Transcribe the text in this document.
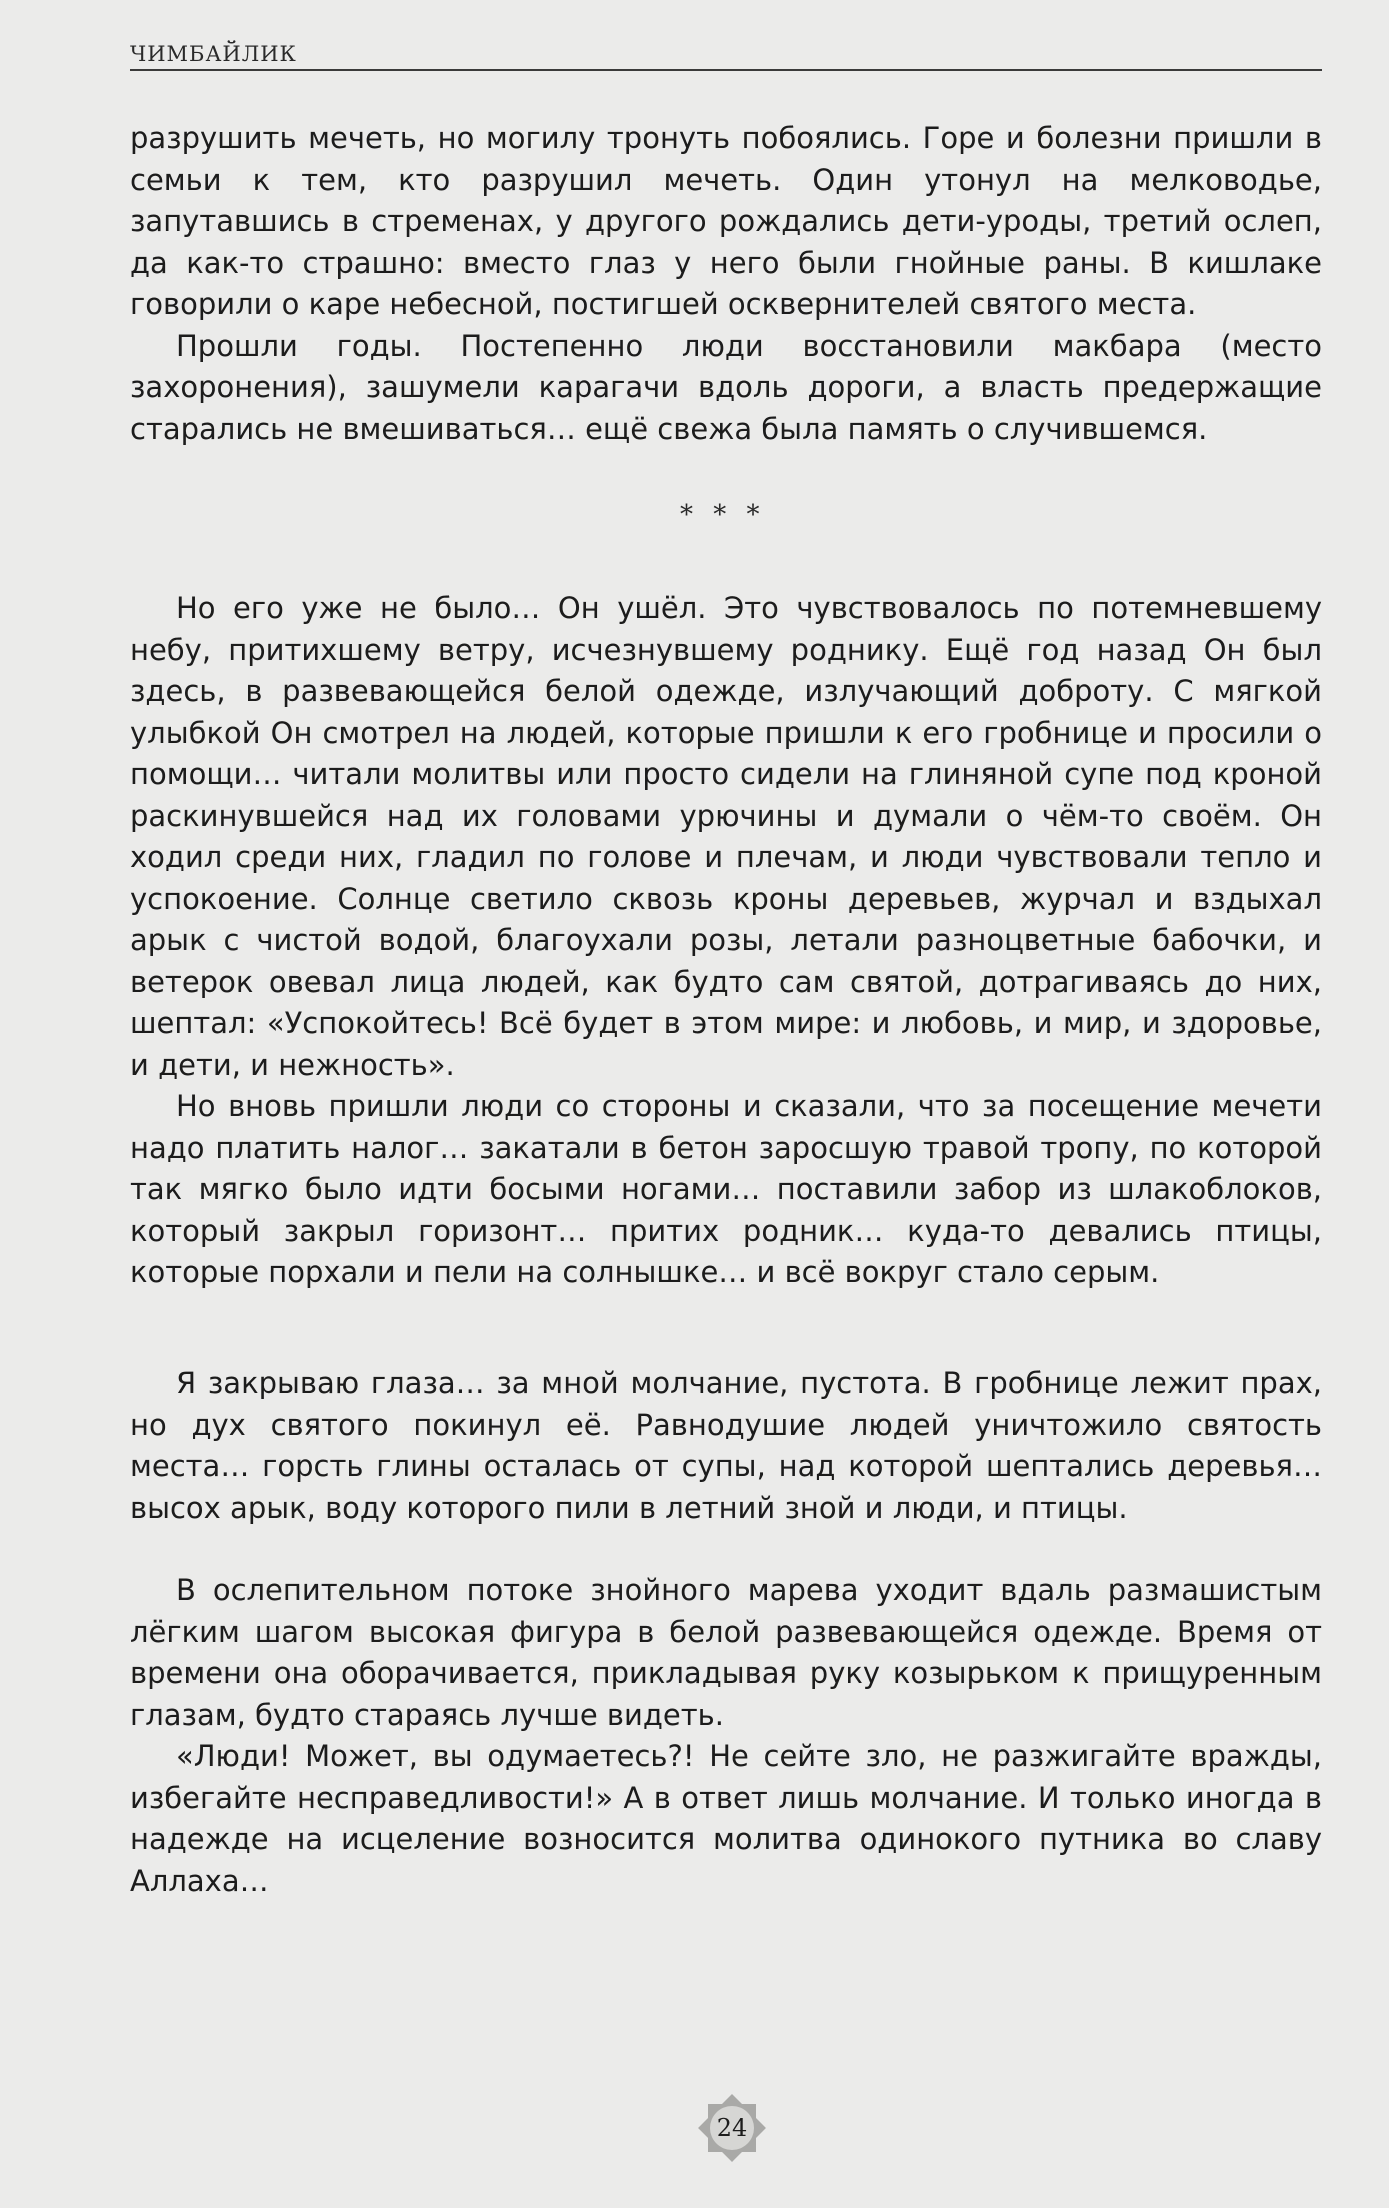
ЧИМБАЙЛИК

разрушить мечеть, но могилу тронуть побоялись. Горе и болезни пришли в семьи к тем, кто разрушил мечеть. Один утонул на мелководье, запутавшись в стременах, у другого рождались дети-уроды, третий ослеп, да как-то страшно: вместо глаз у него были гнойные раны. В кишлаке говорили о каре небесной, постигшей осквернителей святого места.

Прошли годы. Постепенно люди восстановили макбара (место захоронения), зашумели карагачи вдоль дороги, а власть предержащие старались не вмешиваться… ещё свежа была память о случившемся.

* * *

Но его уже не было… Он ушёл. Это чувствовалось по потемневшему небу, притихшему ветру, исчезнувшему роднику. Ещё год назад Он был здесь, в развевающейся белой одежде, излучающий доброту. С мягкой улыбкой Он смотрел на людей, которые пришли к его гробнице и просили о помощи… читали молитвы или просто сидели на глиняной супе под кроной раскинувшейся над их головами урючины и думали о чём-то своём. Он ходил среди них, гладил по голове и плечам, и люди чувствовали тепло и успокоение. Солнце светило сквозь кроны деревьев, журчал и вздыхал арык с чистой водой, благоухали розы, летали разноцветные бабочки, и ветерок овевал лица людей, как будто сам святой, дотрагиваясь до них, шептал: «Успокойтесь! Всё будет в этом мире: и любовь, и мир, и здоровье, и дети, и нежность».

Но вновь пришли люди со стороны и сказали, что за посещение мечети надо платить налог… закатали в бетон заросшую травой тропу, по которой так мягко было идти босыми ногами… поставили забор из шлакоблоков, который закрыл горизонт… притих родник… куда-то девались птицы, которые порхали и пели на солнышке… и всё вокруг стало серым.

Я закрываю глаза… за мной молчание, пустота. В гробнице лежит прах, но дух святого покинул её. Равнодушие людей уничтожило святость места… горсть глины осталась от супы, над которой шептались деревья… высох арык, воду которого пили в летний зной и люди, и птицы.

В ослепительном потоке знойного марева уходит вдаль размашистым лёгким шагом высокая фигура в белой развевающейся одежде. Время от времени она оборачивается, прикладывая руку козырьком к прищуренным глазам, будто стараясь лучше видеть.

«Люди! Может, вы одумаетесь?! Не сейте зло, не разжигайте вражды, избегайте несправедливости!» А в ответ лишь молчание. И только иногда в надежде на исцеление возносится молитва одинокого путника во славу Аллаха…

24
